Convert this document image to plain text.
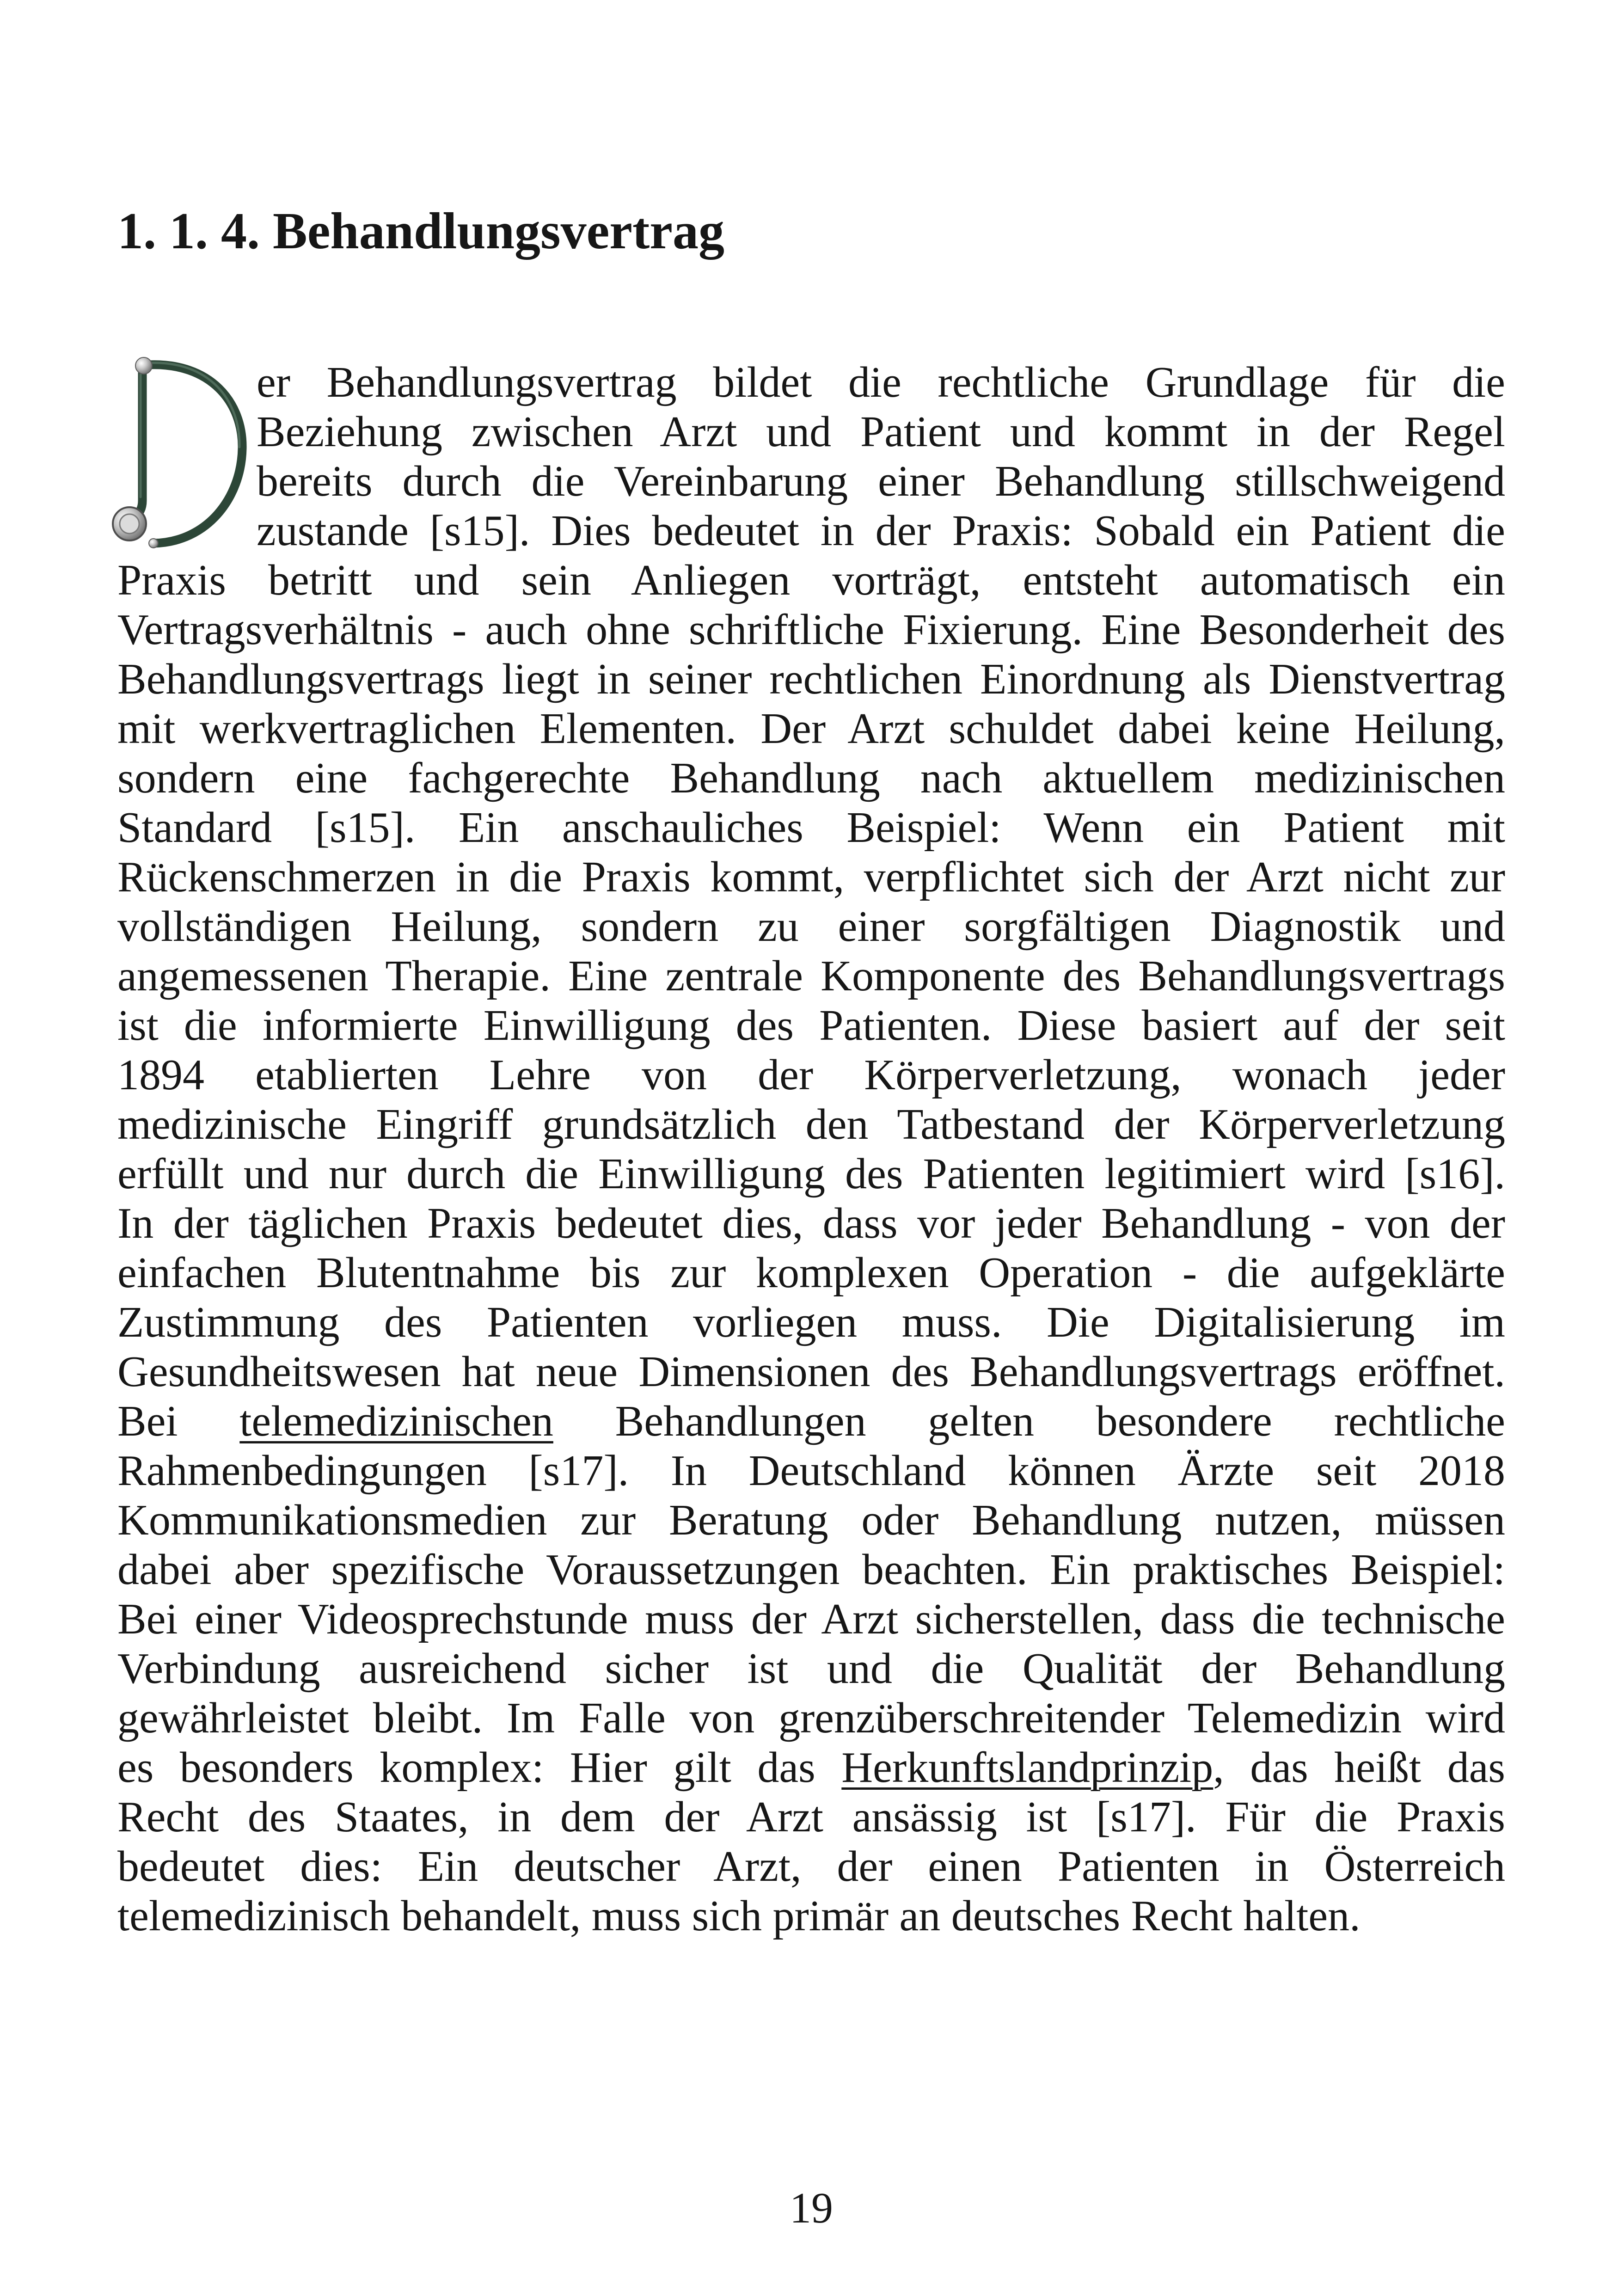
1. 1. 4. Behandlungsvertrag
er Behandlungsvertrag bildet die rechtliche Grundlage für die
Beziehung zwischen Arzt und Patient und kommt in der Regel
bereits durch die Vereinbarung einer Behandlung stillschweigend
zustande [s15]. Dies bedeutet in der Praxis: Sobald ein Patient die
Praxis betritt und sein Anliegen vorträgt, entsteht automatisch ein
Vertragsverhältnis - auch ohne schriftliche Fixierung. Eine Besonderheit des
Behandlungsvertrags liegt in seiner rechtlichen Einordnung als Dienstvertrag
mit werkvertraglichen Elementen. Der Arzt schuldet dabei keine Heilung,
sondern eine fachgerechte Behandlung nach aktuellem medizinischen
Standard [s15]. Ein anschauliches Beispiel: Wenn ein Patient mit
Rückenschmerzen in die Praxis kommt, verpflichtet sich der Arzt nicht zur
vollständigen Heilung, sondern zu einer sorgfältigen Diagnostik und
angemessenen Therapie. Eine zentrale Komponente des Behandlungsvertrags
ist die informierte Einwilligung des Patienten. Diese basiert auf der seit
1894 etablierten Lehre von der Körperverletzung, wonach jeder
medizinische Eingriff grundsätzlich den Tatbestand der Körperverletzung
erfüllt und nur durch die Einwilligung des Patienten legitimiert wird [s16].
In der täglichen Praxis bedeutet dies, dass vor jeder Behandlung - von der
einfachen Blutentnahme bis zur komplexen Operation - die aufgeklärte
Zustimmung des Patienten vorliegen muss. Die Digitalisierung im
Gesundheitswesen hat neue Dimensionen des Behandlungsvertrags eröffnet.
Bei telemedizinischen Behandlungen gelten besondere rechtliche
Rahmenbedingungen [s17]. In Deutschland können Ärzte seit 2018
Kommunikationsmedien zur Beratung oder Behandlung nutzen, müssen
dabei aber spezifische Voraussetzungen beachten. Ein praktisches Beispiel:
Bei einer Videosprechstunde muss der Arzt sicherstellen, dass die technische
Verbindung ausreichend sicher ist und die Qualität der Behandlung
gewährleistet bleibt. Im Falle von grenzüberschreitender Telemedizin wird
es besonders komplex: Hier gilt das Herkunftslandprinzip, das heißt das
Recht des Staates, in dem der Arzt ansässig ist [s17]. Für die Praxis
bedeutet dies: Ein deutscher Arzt, der einen Patienten in Österreich
telemedizinisch behandelt, muss sich primär an deutsches Recht halten.
19
